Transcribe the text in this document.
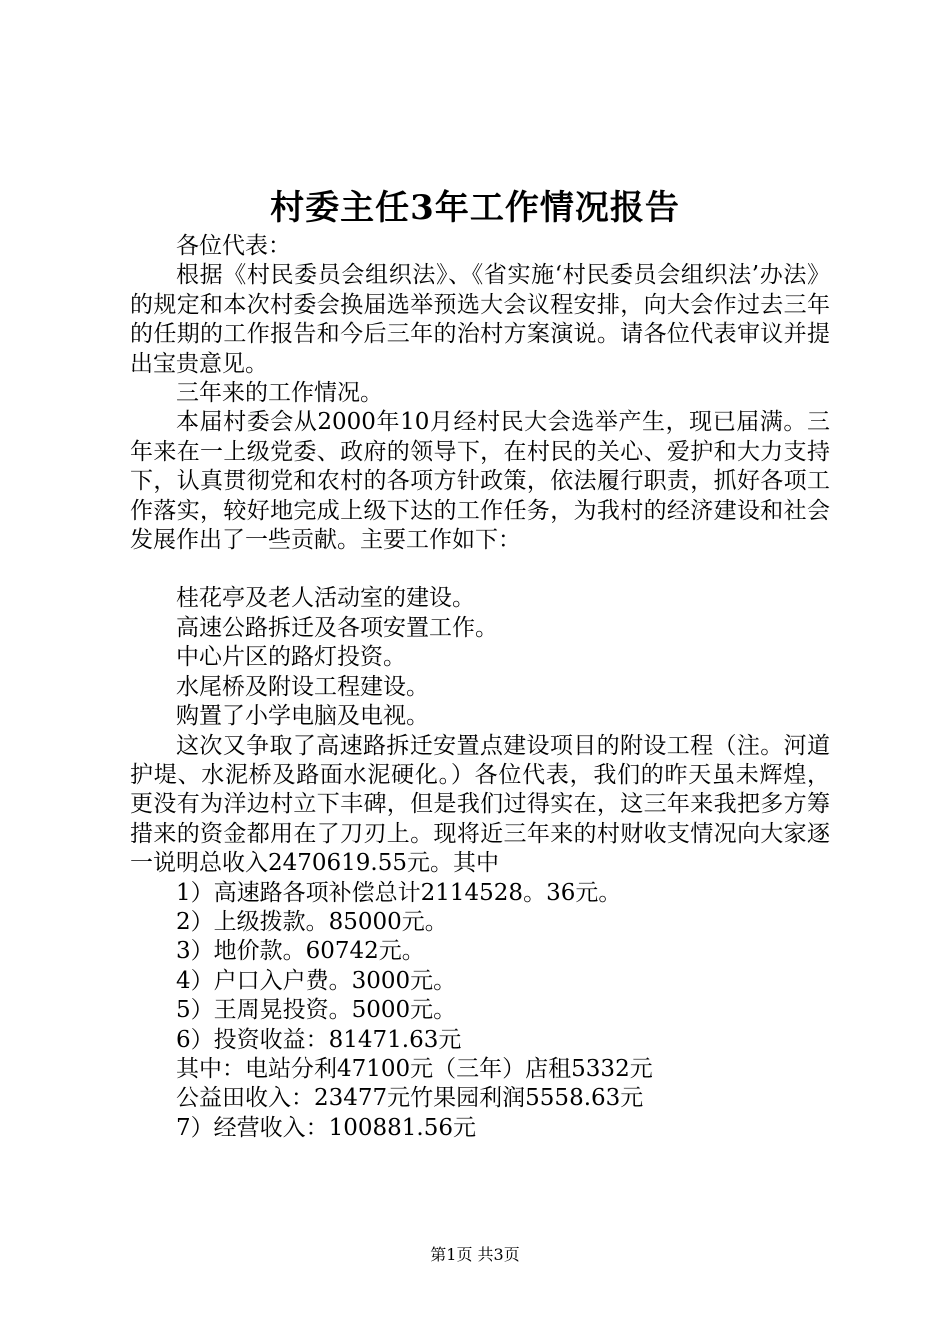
村委主任3年工作情况报告

各位代表：

根据《村民委员会组织法》、《省实施‘村民委员会组织法’办法》的规定和本次村委会换届选举预选大会议程安排，向大会作过去三年的任期的工作报告和今后三年的治村方案演说。请各位代表审议并提出宝贵意见。

三年来的工作情况。

本届村委会从2000年10月经村民大会选举产生，现已届满。三年来在一上级党委、政府的领导下，在村民的关心、爱护和大力支持下，认真贯彻党和农村的各项方针政策，依法履行职责，抓好各项工作落实，较好地完成上级下达的工作任务，为我村的经济建设和社会发展作出了一些贡献。主要工作如下：

桂花亭及老人活动室的建设。

高速公路拆迁及各项安置工作。

中心片区的路灯投资。

水尾桥及附设工程建设。

购置了小学电脑及电视。

这次又争取了高速路拆迁安置点建设项目的附设工程（注。河道护堤、水泥桥及路面水泥硬化。）各位代表，我们的昨天虽未辉煌，更没有为洋边村立下丰碑，但是我们过得实在，这三年来我把多方筹措来的资金都用在了刀刃上。现将近三年来的村财收支情况向大家逐一说明总收入2470619.55元。其中

1）高速路各项补偿总计2114528。36元。

2）上级拨款。85000元。

3）地价款。60742元。

4）户口入户费。3000元。

5）王周晃投资。5000元。

6）投资收益：81471.63元

其中：电站分利47100元（三年）店租5332元

公益田收入：23477元竹果园利润5558.63元

7）经营收入：100881.56元

第1页 共3页
